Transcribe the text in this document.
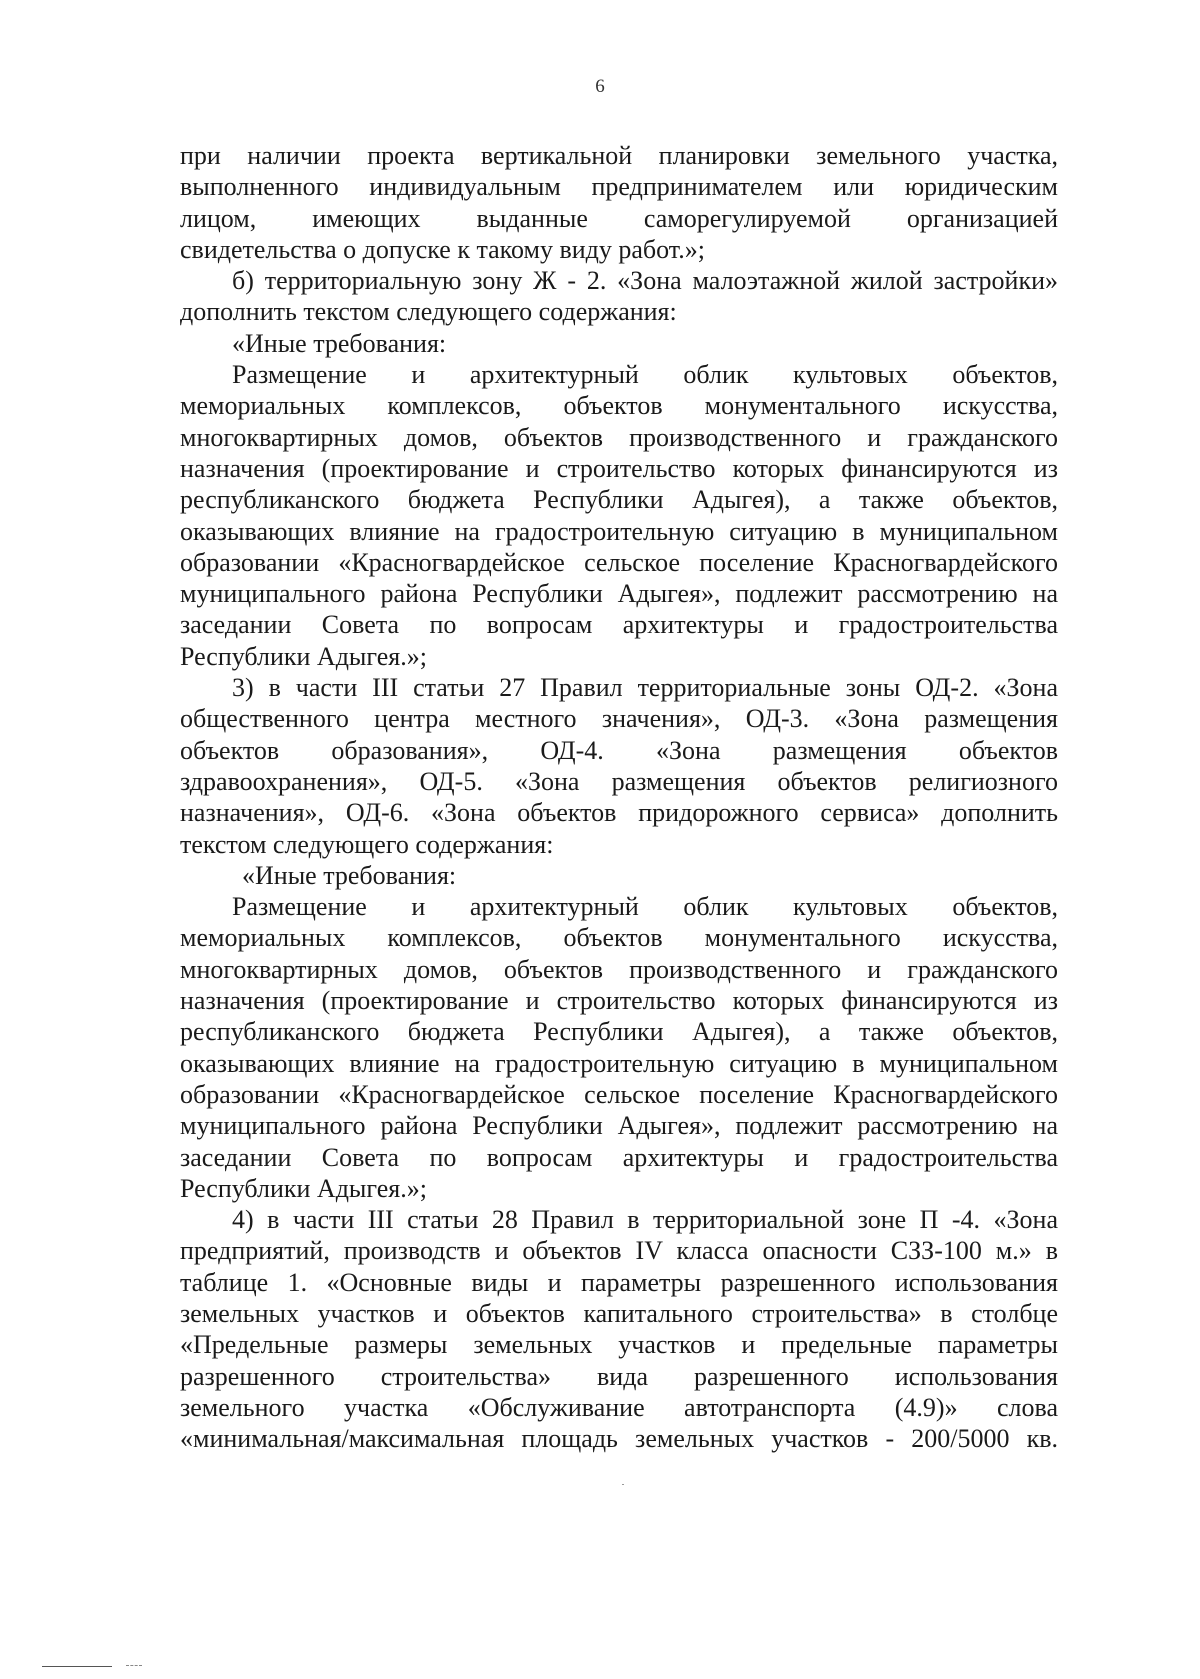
6
при наличии проекта вертикальной планировки земельного участка,
выполненного индивидуальным предпринимателем или юридическим
лицом, имеющих выданные саморегулируемой организацией
свидетельства о допуске к такому виду работ.»;
б) территориальную зону Ж - 2. «Зона малоэтажной жилой застройки»
дополнить текстом следующего содержания:
«Иные требования:
Размещение и архитектурный облик культовых объектов,
мемориальных комплексов, объектов монументального искусства,
многоквартирных домов, объектов производственного и гражданского
назначения (проектирование и строительство которых финансируются из
республиканского бюджета Республики Адыгея), а также объектов,
оказывающих влияние на градостроительную ситуацию в муниципальном
образовании «Красногвардейское сельское поселение Красногвардейского
муниципального района Республики Адыгея», подлежит рассмотрению на
заседании Совета по вопросам архитектуры и градостроительства
Республики Адыгея.»;
3) в части III статьи 27 Правил территориальные зоны ОД-2. «Зона
общественного центра местного значения», ОД-3. «Зона размещения
объектов образования», ОД-4. «Зона размещения объектов
здравоохранения», ОД-5. «Зона размещения объектов религиозного
назначения», ОД-6. «Зона объектов придорожного сервиса» дополнить
текстом следующего содержания:
«Иные требования:
Размещение и архитектурный облик культовых объектов,
мемориальных комплексов, объектов монументального искусства,
многоквартирных домов, объектов производственного и гражданского
назначения (проектирование и строительство которых финансируются из
республиканского бюджета Республики Адыгея), а также объектов,
оказывающих влияние на градостроительную ситуацию в муниципальном
образовании «Красногвардейское сельское поселение Красногвардейского
муниципального района Республики Адыгея», подлежит рассмотрению на
заседании Совета по вопросам архитектуры и градостроительства
Республики Адыгея.»;
4) в части III статьи 28 Правил в территориальной зоне П -4. «Зона
предприятий, производств и объектов IV класса опасности СЗЗ-100 м.» в
таблице 1. «Основные виды и параметры разрешенного использования
земельных участков и объектов капитального строительства» в столбце
«Предельные размеры земельных участков и предельные параметры
разрешенного строительства» вида разрешенного использования
земельного участка «Обслуживание автотранспорта (4.9)» слова
«минимальная/максимальная площадь земельных участков - 200/5000 кв.
